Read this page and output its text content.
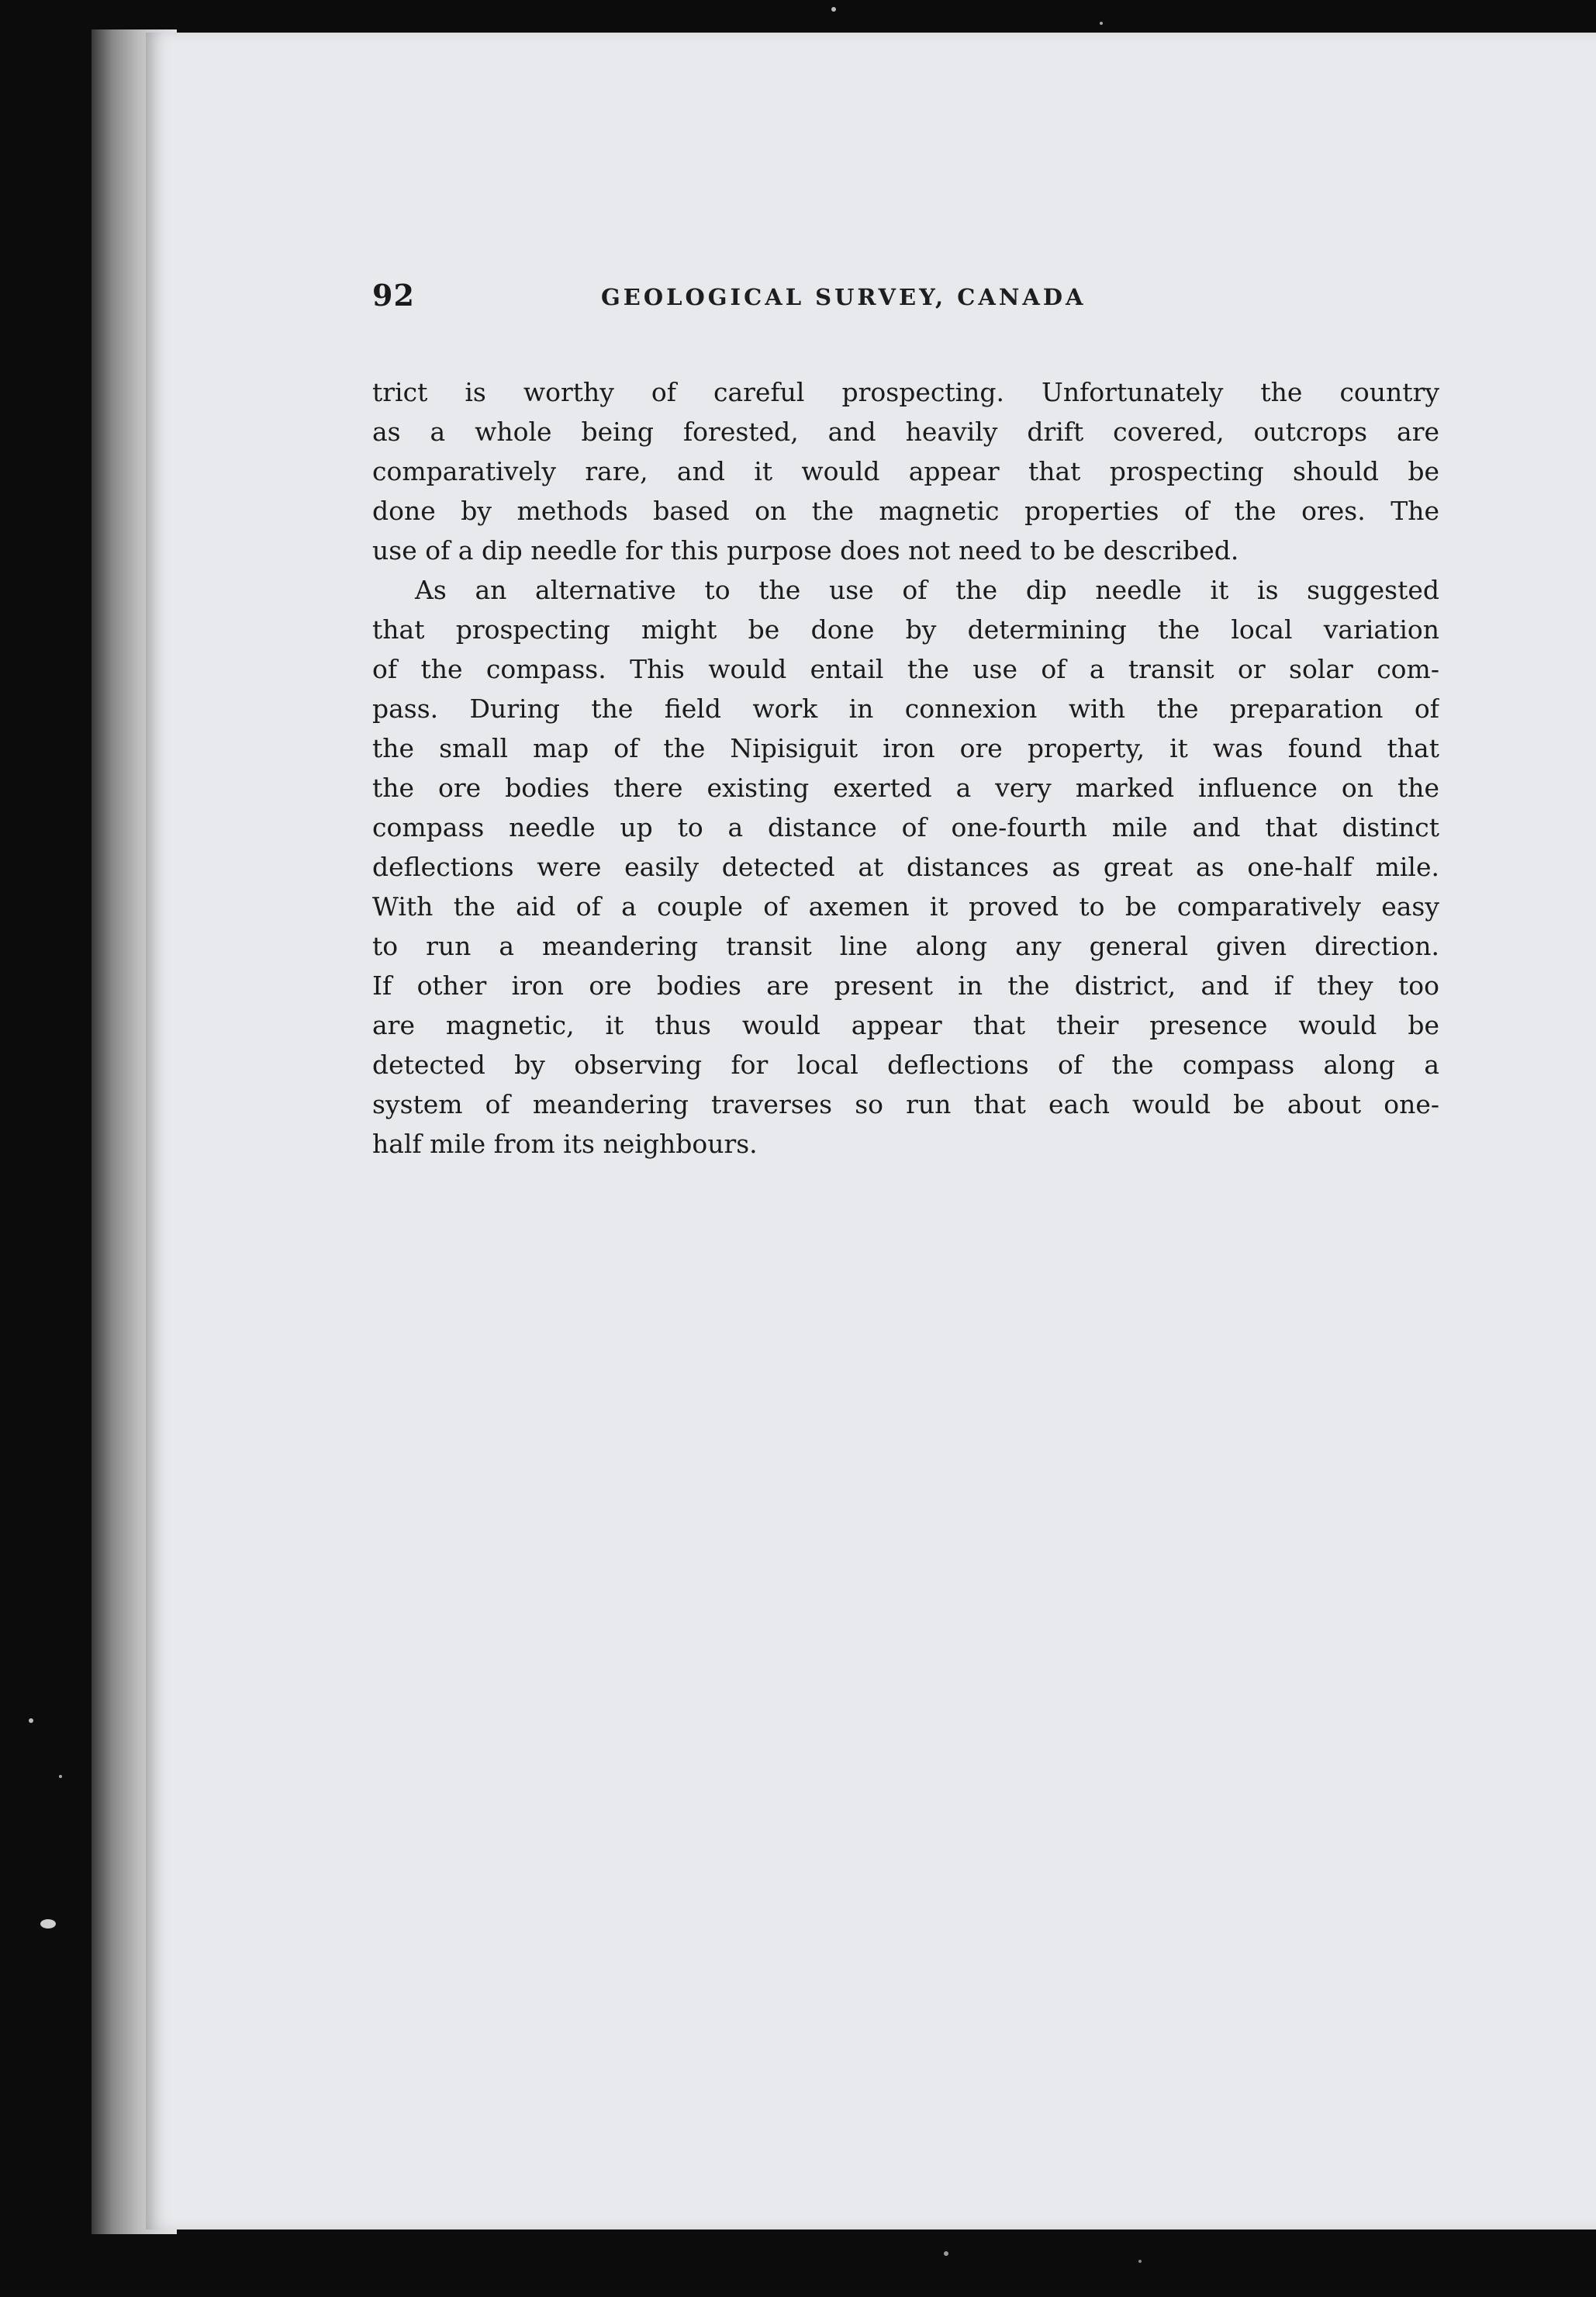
92	GEOLOGICAL SURVEY, CANADA
trict is worthy of careful prospecting. Unfortunately the country
as a whole being forested, and heavily drift covered, outcrops are
comparatively rare, and it would appear that prospecting should be
done by methods based on the magnetic properties of the ores. The
use of a dip needle for this purpose does not need to be described.
As an alternative to the use of the dip needle it is suggested
that prospecting might be done by determining the local variation
of the compass. This would entail the use of a transit or solar com-
pass. During the field work in connexion with the preparation of
the small map of the Nipisiguit iron ore property, it was found that
the ore bodies there existing exerted a very marked influence on the
compass needle up to a distance of one-fourth mile and that distinct
deflections were easily detected at distances as great as one-half mile.
With the aid of a couple of axemen it proved to be comparatively easy
to run a meandering transit line along any general given direction.
If other iron ore bodies are present in the district, and if they too
are magnetic, it thus would appear that their presence would be
detected by observing for local deflections of the compass along a
system of meandering traverses so run that each would be about one-
half mile from its neighbours.
